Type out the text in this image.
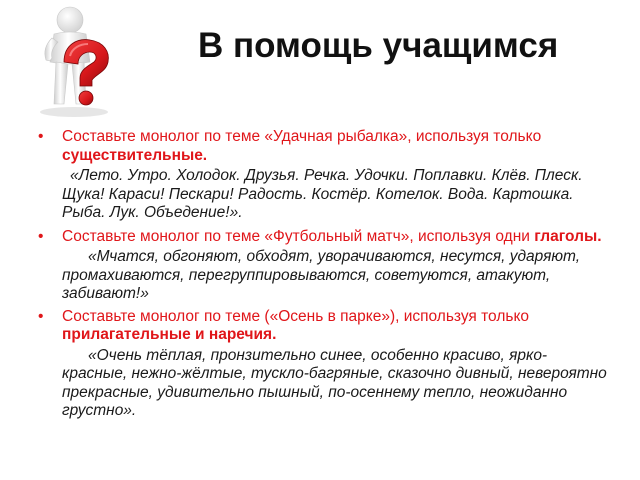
В помощь учащимся
• Составьте монолог по теме «Удачная рыбалка», используя только существительные.
«Лето. Утро. Холодок. Друзья. Речка. Удочки. Поплавки. Клёв. Плеск. Щука! Караси! Пескари! Радость. Костёр. Котелок. Вода. Картошка. Рыба. Лук. Объедение!».
• Составьте монолог по теме «Футбольный матч», используя одни глаголы.
«Мчатся, обгоняют, обходят, уворачиваются, несутся, ударяют, промахиваются, перегруппировываются, советуются, атакуют, забивают!»
• Составьте монолог по теме («Осень в парке»), используя только прилагательные и наречия.
«Очень тёплая, пронзительно синее, особенно красиво, ярко-красные, нежно-жёлтые, тускло-багряные, сказочно дивный, невероятно прекрасные, удивительно пышный, по-осеннему тепло, неожиданно грустно».
